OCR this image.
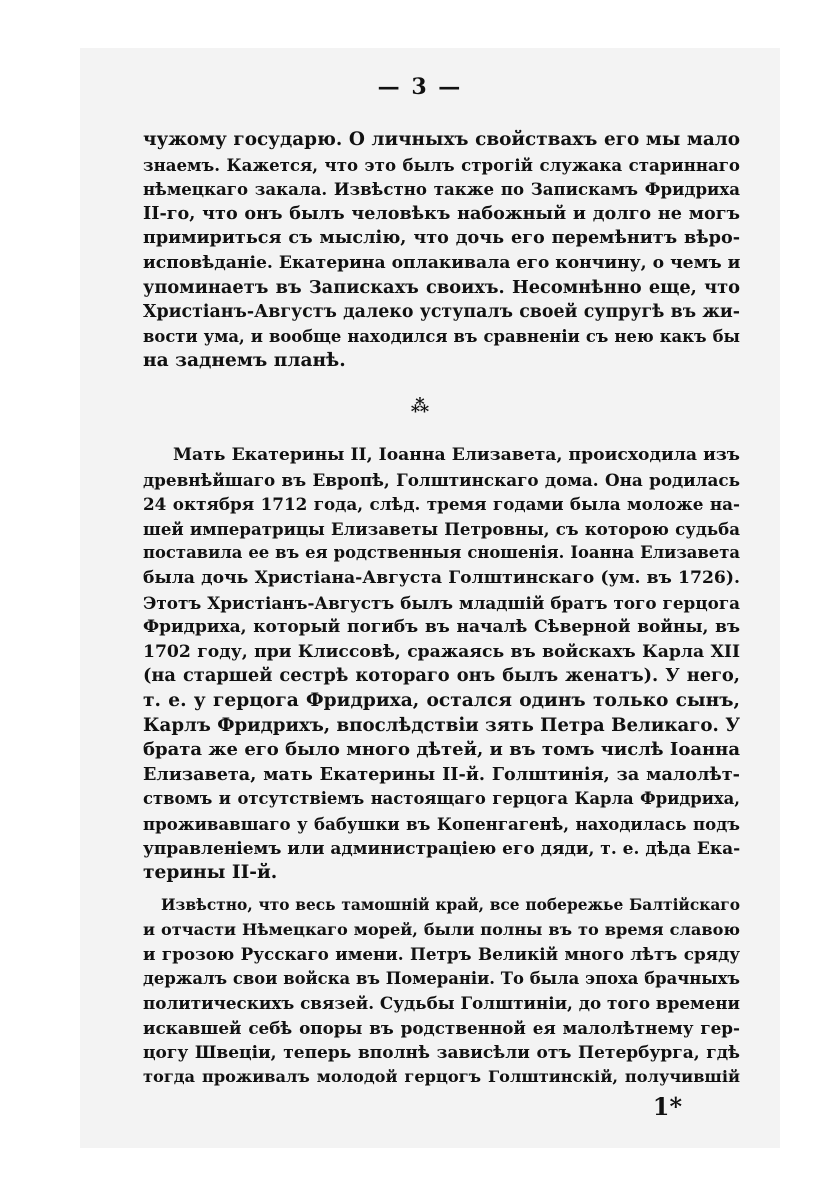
— 3 —
чужому государю. О личныхъ свойствахъ его мы мало
знаемъ. Кажется, что это былъ строгій служака стариннаго
нѣмецкаго закала. Извѣстно также по Запискамъ Фридриха
II-го, что онъ былъ человѣкъ набожный и долго не могъ
примириться съ мыслію, что дочь его перемѣнитъ вѣро-
исповѣданіе. Екатерина оплакивала его кончину, о чемъ и
упоминаетъ въ Запискахъ своихъ. Несомнѣнно еще, что
Христіанъ-Августъ далеко уступалъ своей супругѣ въ жи-
вости ума, и вообще находился въ сравненіи съ нею какъ бы
на заднемъ планѣ.
⁂
Мать Екатерины II, Іоанна Елизавета, происходила изъ
древнѣйшаго въ Европѣ, Голштинскаго дома. Она родилась
24 октября 1712 года, слѣд. тремя годами была моложе на-
шей императрицы Елизаветы Петровны, съ которою судьба
поставила ее въ ея родственныя сношенія. Іоанна Елизавета
была дочь Христіана-Августа Голштинскаго (ум. въ 1726).
Этотъ Христіанъ-Августъ былъ младшій братъ того герцога
Фридриха, который погибъ въ началѣ Сѣверной войны, въ
1702 году, при Клиссовѣ, сражаясь въ войскахъ Карла XII
(на старшей сестрѣ котораго онъ былъ женатъ). У него,
т. е. у герцога Фридриха, остался одинъ только сынъ,
Карлъ Фридрихъ, впослѣдствіи зять Петра Великаго. У
брата же его было много дѣтей, и въ томъ числѣ Іоанна
Елизавета, мать Екатерины II-й. Голштинія, за малолѣт-
ствомъ и отсутствіемъ настоящаго герцога Карла Фридриха,
проживавшаго у бабушки въ Копенгагенѣ, находилась подъ
управленіемъ или администраціею его дяди, т. е. дѣда Ека-
терины II-й.
Извѣстно, что весь тамошній край, все побережье Балтійскаго
и отчасти Нѣмецкаго морей, были полны въ то время славою
и грозою Русскаго имени. Петръ Великій много лѣтъ сряду
держалъ свои войска въ Помераніи. То была эпоха брачныхъ
политическихъ связей. Судьбы Голштиніи, до того времени
искавшей себѣ опоры въ родственной ея малолѣтнему гер-
цогу Швеціи, теперь вполнѣ зависѣли отъ Петербурга, гдѣ
тогда проживалъ молодой герцогъ Голштинскій, получившій
1*
